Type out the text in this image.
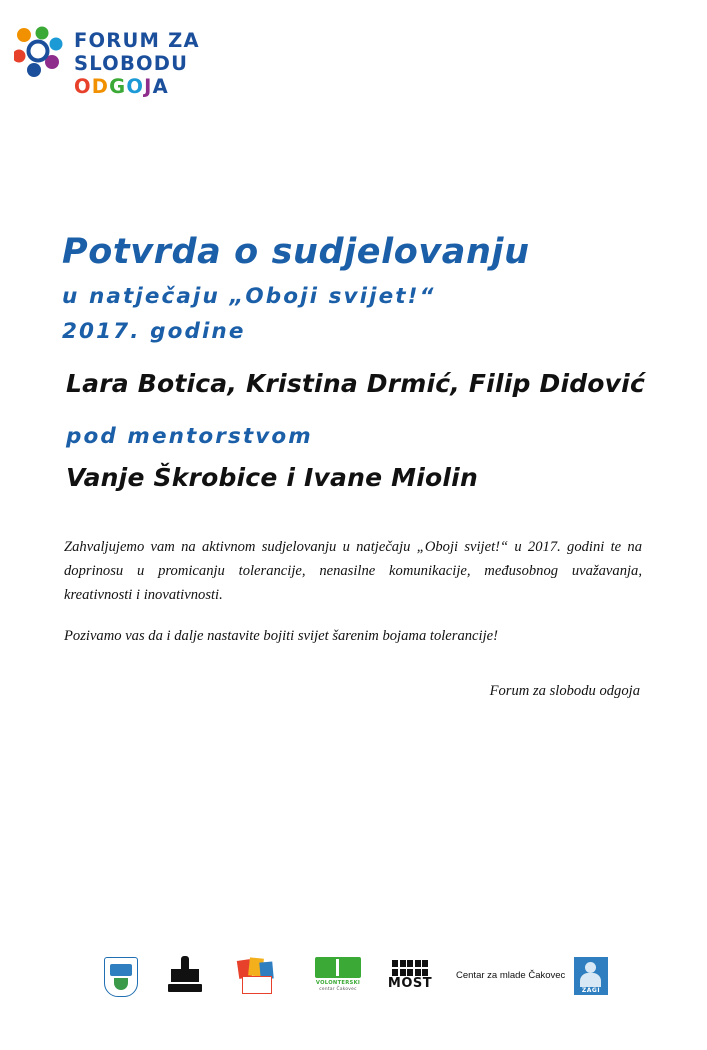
FORUM ZA
SLOBODU
ODGOJA
Potvrda o sudjelovanju
u natječaju „Oboji svijet!“
2017. godine
Lara Botica, Kristina Drmić, Filip Didović
pod mentorstvom
Vanje Škrobice i Ivane Miolin

Zahvaljujemo vam na aktivnom sudjelovanju u natječaju „Oboji svijet!“ u 2017. godini te na doprinosu u promicanju tolerancije, nenasilne komunikacije, međusobnog uvažavanja, kreativnosti i inovativnosti.

Pozivamo vas da i dalje nastavite bojiti svijet šarenim bojama tolerancije!

Forum za slobodu odgoja
VOLONTERSKI
centar Čakovec	MOST	Centar za mlade Čakovec
ZAGI
